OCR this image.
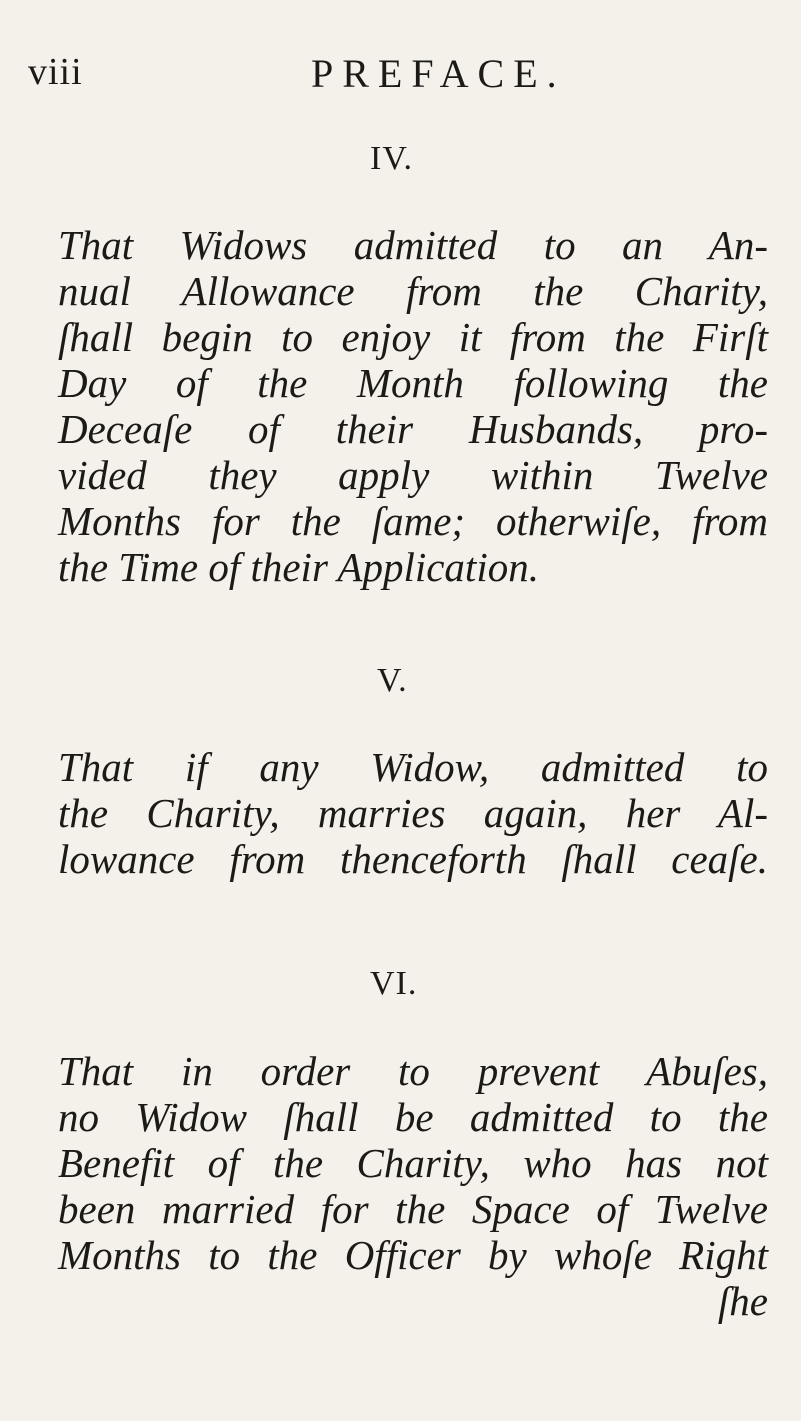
viii	PREFACE.
IV.
That Widows admitted to an An-
nual Allowance from the Charity,
ſhall begin to enjoy it from the Firſt
Day of the Month following the
Deceaſe of their Husbands, pro-
vided they apply within Twelve
Months for the ſame; otherwiſe, from
the Time of their Application.
V.
That if any Widow, admitted to
the Charity, marries again, her Al-
lowance from thenceforth ſhall ceaſe.
VI.
That in order to prevent Abuſes,
no Widow ſhall be admitted to the
Benefit of the Charity, who has not
been married for the Space of Twelve
Months to the Officer by whoſe Right
ſhe
